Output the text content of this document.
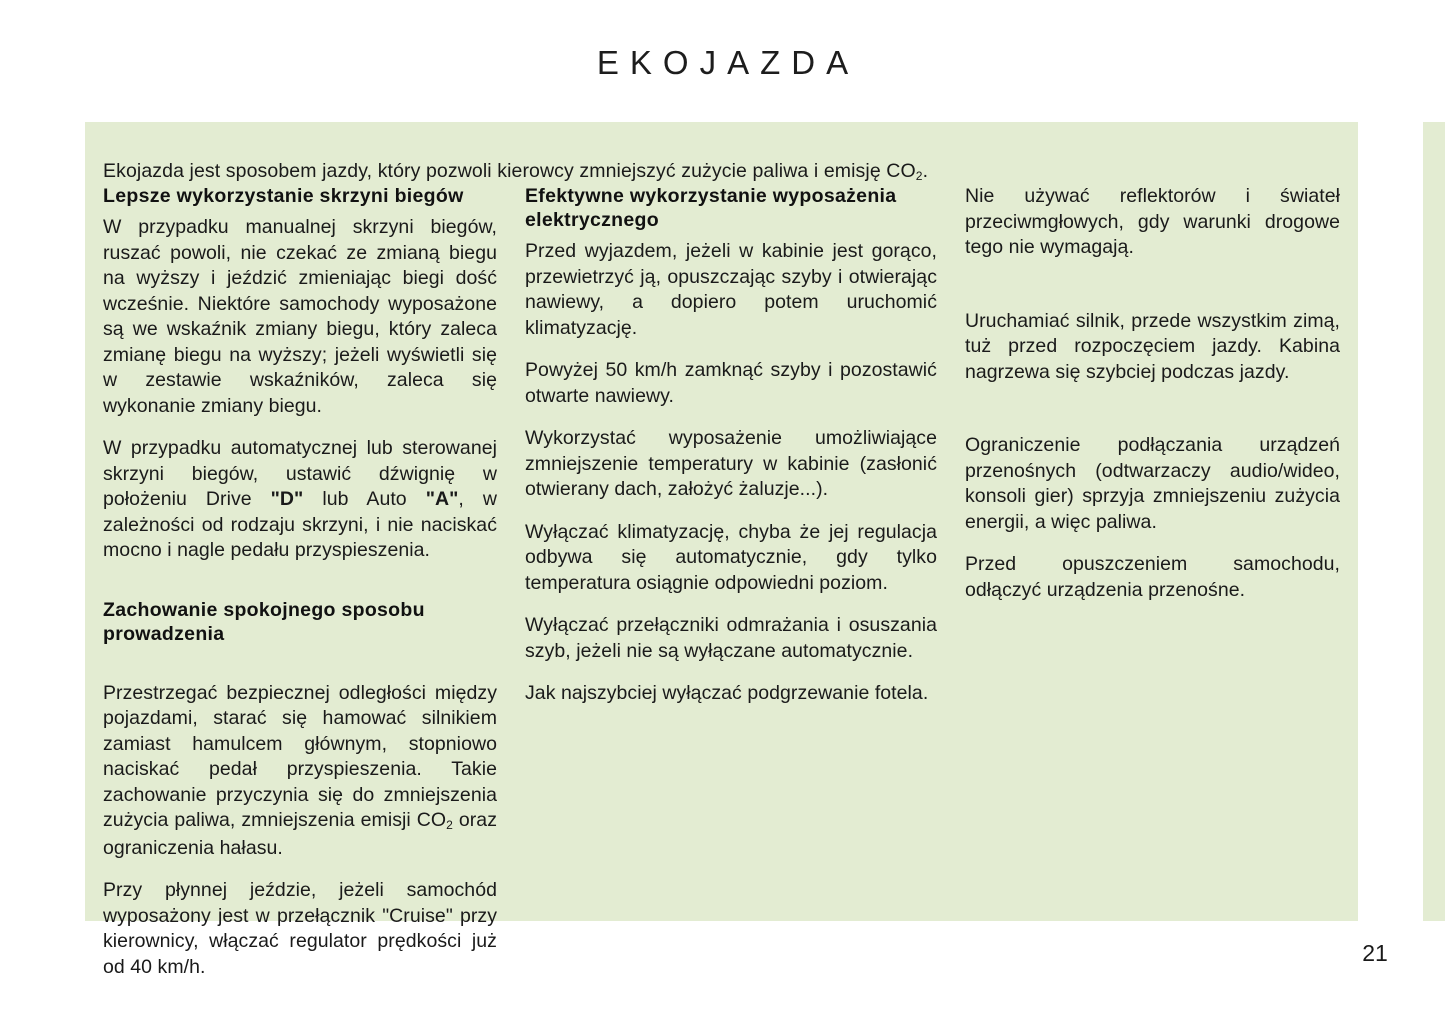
EKOJAZDA

Ekojazda jest sposobem jazdy, który pozwoli kierowcy zmniejszyć zużycie paliwa i emisję $CO_2$.

Lepsze wykorzystanie skrzyni biegów

W przypadku manualnej skrzyni biegów, ruszać powoli, nie czekać ze zmianą biegu na wyższy i jeździć zmieniając biegi dość wcześnie. Niektóre samochody wyposażone są we wskaźnik zmiany biegu, który zaleca zmianę biegu na wyższy; jeżeli wyświetli się w zestawie wskaźników, zaleca się wykonanie zmiany biegu.

W przypadku automatycznej lub sterowanej skrzyni biegów, ustawić dźwignię w położeniu Drive "D" lub Auto "A", w zależności od rodzaju skrzyni, i nie naciskać mocno i nagle pedału przyspieszenia.

Zachowanie spokojnego sposobu prowadzenia

Przestrzegać bezpiecznej odległości między pojazdami, starać się hamować silnikiem zamiast hamulcem głównym, stopniowo naciskać pedał przyspieszenia. Takie zachowanie przyczynia się do zmniejszenia zużycia paliwa, zmniejszenia emisji $CO_2$ oraz ograniczenia hałasu.

Przy płynnej jeździe, jeżeli samochód wyposażony jest w przełącznik "Cruise" przy kierownicy, włączać regulator prędkości już od 40 km/h.

Efektywne wykorzystanie wyposażenia elektrycznego

Przed wyjazdem, jeżeli w kabinie jest gorąco, przewietrzyć ją, opuszczając szyby i otwierając nawiewy, a dopiero potem uruchomić klimatyzację.

Powyżej 50 km/h zamknąć szyby i pozostawić otwarte nawiewy.

Wykorzystać wyposażenie umożliwiające zmniejszenie temperatury w kabinie (zasłonić otwierany dach, założyć żaluzje...).

Wyłączać klimatyzację, chyba że jej regulacja odbywa się automatycznie, gdy tylko temperatura osiągnie odpowiedni poziom.

Wyłączać przełączniki odmrażania i osuszania szyb, jeżeli nie są wyłączane automatycznie.

Jak najszybciej wyłączać podgrzewanie fotela.

Nie używać reflektorów i świateł przeciwmgłowych, gdy warunki drogowe tego nie wymagają.

Uruchamiać silnik, przede wszystkim zimą, tuż przed rozpoczęciem jazdy. Kabina nagrzewa się szybciej podczas jazdy.

Ograniczenie podłączania urządzeń przenośnych (odtwarzaczy audio/wideo, konsoli gier) sprzyja zmniejszeniu zużycia energii, a więc paliwa.

Przed opuszczeniem samochodu, odłączyć urządzenia przenośne.

21
